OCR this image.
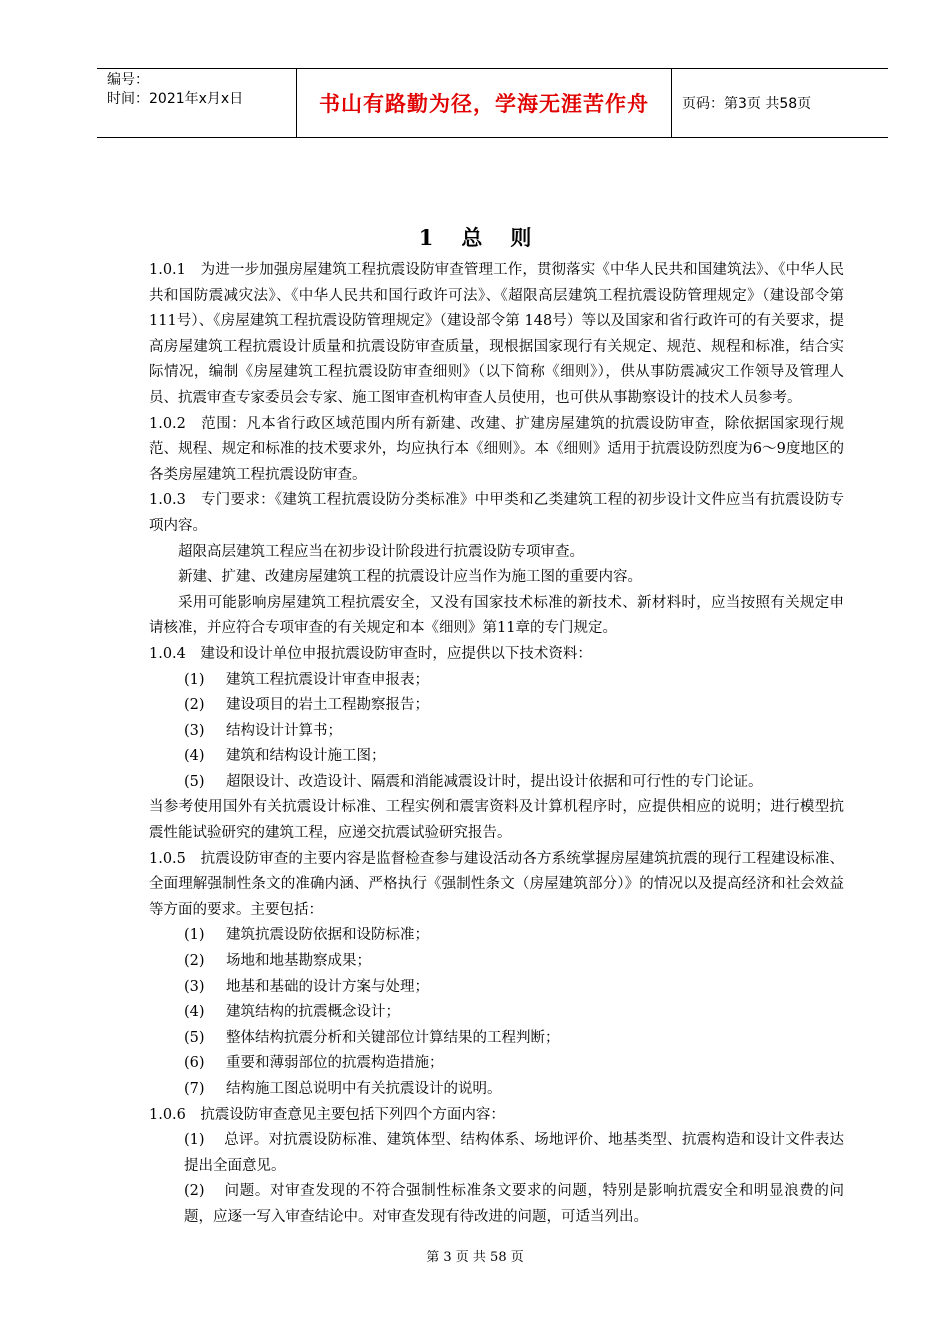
编号：
时间：2021年x月x日	书山有路勤为径，学海无涯苦作舟	页码：第3页 共58页
1 总 则

1.0.1　为进一步加强房屋建筑工程抗震设防审查管理工作，贯彻落实《中华人民共和国建筑法》、《中华人民共和国防震减灾法》、《中华人民共和国行政许可法》、《超限高层建筑工程抗震设防管理规定》（建设部令第111号）、《房屋建筑工程抗震设防管理规定》（建设部令第 148号）等以及国家和省行政许可的有关要求，提高房屋建筑工程抗震设计质量和抗震设防审查质量，现根据国家现行有关规定、规范、规程和标准，结合实际情况，编制《房屋建筑工程抗震设防审查细则》（以下简称《细则》），供从事防震减灾工作领导及管理人员、抗震审查专家委员会专家、施工图审查机构审查人员使用，也可供从事勘察设计的技术人员参考。

1.0.2　范围：凡本省行政区域范围内所有新建、改建、扩建房屋建筑的抗震设防审查，除依据国家现行规范、规程、规定和标准的技术要求外，均应执行本《细则》。本《细则》适用于抗震设防烈度为6～9度地区的各类房屋建筑工程抗震设防审查。

1.0.3　专门要求：《建筑工程抗震设防分类标准》中甲类和乙类建筑工程的初步设计文件应当有抗震设防专项内容。

超限高层建筑工程应当在初步设计阶段进行抗震设防专项审查。

新建、扩建、改建房屋建筑工程的抗震设计应当作为施工图的重要内容。

采用可能影响房屋建筑工程抗震安全，又没有国家技术标准的新技术、新材料时，应当按照有关规定申请核准，并应符合专项审查的有关规定和本《细则》第11章的专门规定。

1.0.4　建设和设计单位申报抗震设防审查时，应提供以下技术资料：

(1) 建筑工程抗震设计审查申报表；

(2) 建设项目的岩土工程勘察报告；

(3) 结构设计计算书；

(4) 建筑和结构设计施工图；

(5) 超限设计、改造设计、隔震和消能减震设计时，提出设计依据和可行性的专门论证。

当参考使用国外有关抗震设计标准、工程实例和震害资料及计算机程序时，应提供相应的说明；进行模型抗震性能试验研究的建筑工程，应递交抗震试验研究报告。

1.0.5　抗震设防审查的主要内容是监督检查参与建设活动各方系统掌握房屋建筑抗震的现行工程建设标准、全面理解强制性条文的准确内涵、严格执行《强制性条文（房屋建筑部分）》的情况以及提高经济和社会效益等方面的要求。主要包括：

(1) 建筑抗震设防依据和设防标准；

(2) 场地和地基勘察成果；

(3) 地基和基础的设计方案与处理；

(4) 建筑结构的抗震概念设计；

(5) 整体结构抗震分析和关键部位计算结果的工程判断；

(6) 重要和薄弱部位的抗震构造措施；

(7) 结构施工图总说明中有关抗震设计的说明。

1.0.6　抗震设防审查意见主要包括下列四个方面内容：

(1) 总评。对抗震设防标准、建筑体型、结构体系、场地评价、地基类型、抗震构造和设计文件表达提出全面意见。

(2) 问题。对审查发现的不符合强制性标准条文要求的问题，特别是影响抗震安全和明显浪费的问题，应逐一写入审查结论中。对审查发现有待改进的问题，可适当列出。

第 3 页 共 58 页
